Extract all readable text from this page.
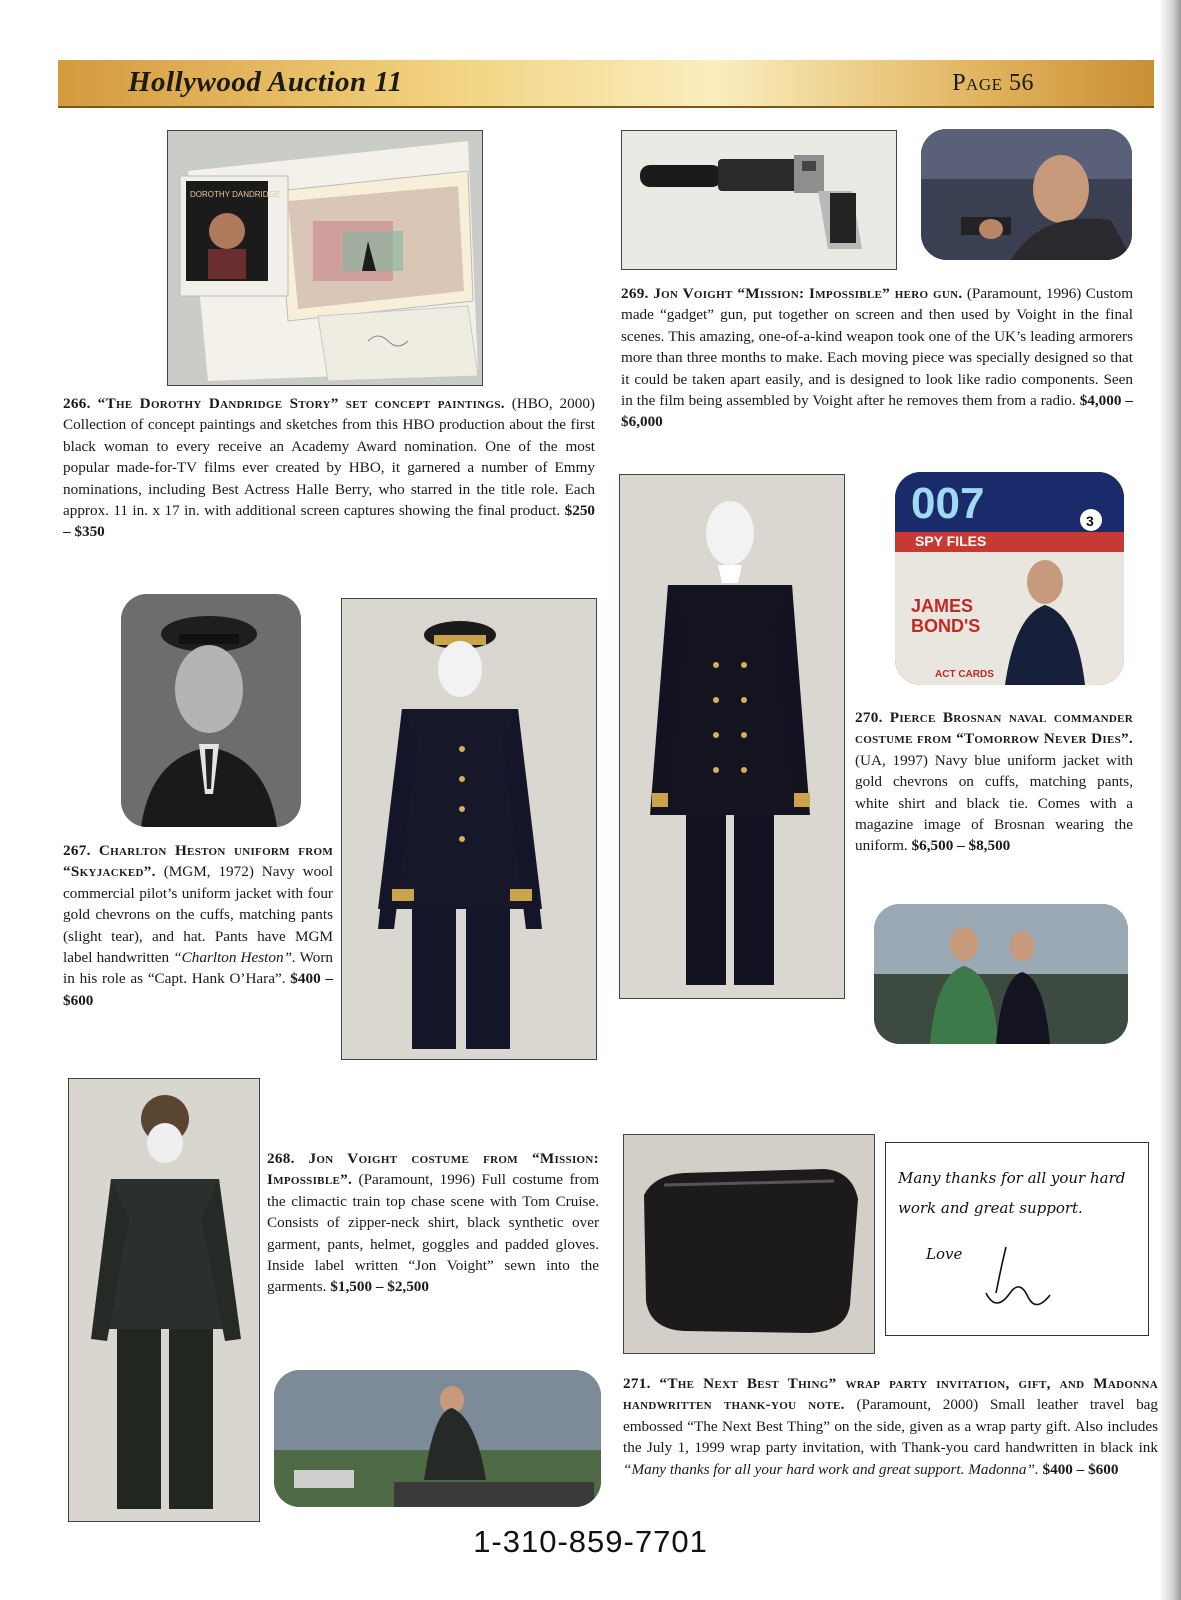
Hollywood Auction 11	Page 56
DOROTHY DANDRIDGE
266. “The Dorothy Dandridge Story” set concept paintings. (HBO, 2000) Collection of concept paintings and sketches from this HBO production about the first black woman to every receive an Academy Award nomination. One of the most popular made-for-TV films ever created by HBO, it garnered a number of Emmy nominations, including Best Actress Halle Berry, who starred in the title role. Each approx. 11 in. x 17 in. with additional screen captures showing the final product. $250 – $350
269. Jon Voight “Mission: Impossible” hero gun. (Paramount, 1996) Custom made “gadget” gun, put together on screen and then used by Voight in the final scenes. This amazing, one-of-a-kind weapon took one of the UK’s leading armorers more than three months to make. Each moving piece was specially designed so that it could be taken apart easily, and is designed to look like radio components. Seen in the film being assembled by Voight after he removes them from a radio. $4,000 – $6,000
267. Charlton Heston uniform from “Skyjacked”. (MGM, 1972) Navy wool commercial pilot’s uniform jacket with four gold chevrons on the cuffs, matching pants (slight tear), and hat. Pants have MGM label handwritten “Charlton Heston”. Worn in his role as “Capt. Hank O’Hara”. $400 – $600
007	3
SPY FILES
JAMES
BOND'S
ACT CARDS
270. Pierce Brosnan naval commander costume from “Tomorrow Never Dies”. (UA, 1997) Navy blue uniform jacket with gold chevrons on cuffs, matching pants, white shirt and black tie. Comes with a magazine image of Brosnan wearing the uniform. $6,500 – $8,500
268. Jon Voight costume from “Mission: Impossible”. (Paramount, 1996) Full costume from the climactic train top chase scene with Tom Cruise. Consists of zipper-neck shirt, black synthetic over garment, pants, helmet, goggles and padded gloves. Inside label written “Jon Voight” sewn into the garments. $1,500 – $2,500
Many thanks for all your hard
work and great support.
Love
271. “The Next Best Thing” wrap party invitation, gift, and Madonna handwritten thank-you note. (Paramount, 2000) Small leather travel bag embossed “The Next Best Thing” on the side, given as a wrap party gift. Also includes the July 1, 1999 wrap party invitation, with Thank-you card handwritten in black ink “Many thanks for all your hard work and great support. Madonna”. $400 – $600
1-310-859-7701
